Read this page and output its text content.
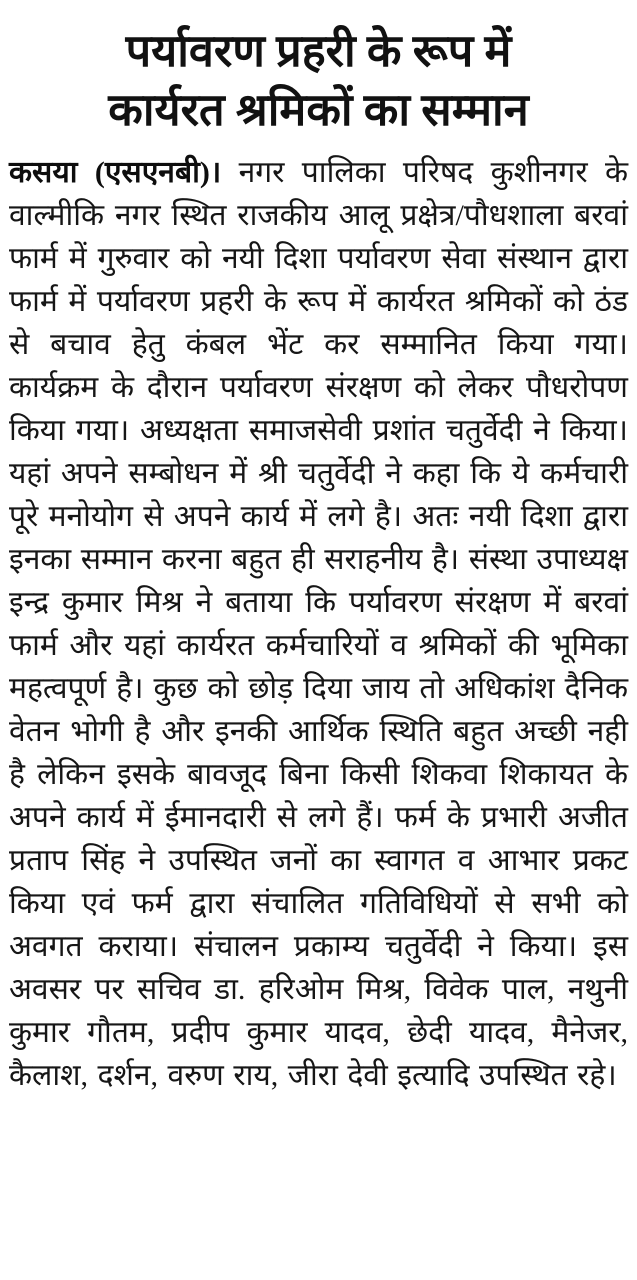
पर्यावरण प्रहरी के रूप में
कार्यरत श्रमिकों का सम्मान

कसया (एसएनबी)। नगर पालिका परिषद कुशीनगर के वाल्मीकि नगर स्थित राजकीय आलू प्रक्षेत्र/पौधशाला बरवां फार्म में गुरुवार को नयी दिशा पर्यावरण सेवा संस्थान द्वारा फार्म में पर्यावरण प्रहरी के रूप में कार्यरत श्रमिकों को ठंड से बचाव हेतु कंबल भेंट कर सम्मानित किया गया। कार्यक्रम के दौरान पर्यावरण संरक्षण को लेकर पौधरोपण किया गया। अध्यक्षता समाजसेवी प्रशांत चतुर्वेदी ने किया। यहां अपने सम्बोधन में श्री चतुर्वेदी ने कहा कि ये कर्मचारी पूरे मनोयोग से अपने कार्य में लगे है। अतः नयी दिशा द्वारा इनका सम्मान करना बहुत ही सराहनीय है। संस्था उपाध्यक्ष इन्द्र कुमार मिश्र ने बताया कि पर्यावरण संरक्षण में बरवां फार्म और यहां कार्यरत कर्मचारियों व श्रमिकों की भूमिका महत्वपूर्ण है। कुछ को छोड़ दिया जाय तो अधिकांश दैनिक वेतन भोगी है और इनकी आर्थिक स्थिति बहुत अच्छी नही है लेकिन इसके बावजूद बिना किसी शिकवा शिकायत के अपने कार्य में ईमानदारी से लगे हैं। फर्म के प्रभारी अजीत प्रताप सिंह ने उपस्थित जनों का स्वागत व आभार प्रकट किया एवं फर्म द्वारा संचालित गतिविधियों से सभी को अवगत कराया। संचालन प्रकाम्य चतुर्वेदी ने किया। इस अवसर पर सचिव डा. हरिओम मिश्र, विवेक पाल, नथुनी कुमार गौतम, प्रदीप कुमार यादव, छेदी यादव, मैनेजर, कैलाश, दर्शन, वरुण राय, जीरा देवी इत्यादि उपस्थित रहे।
